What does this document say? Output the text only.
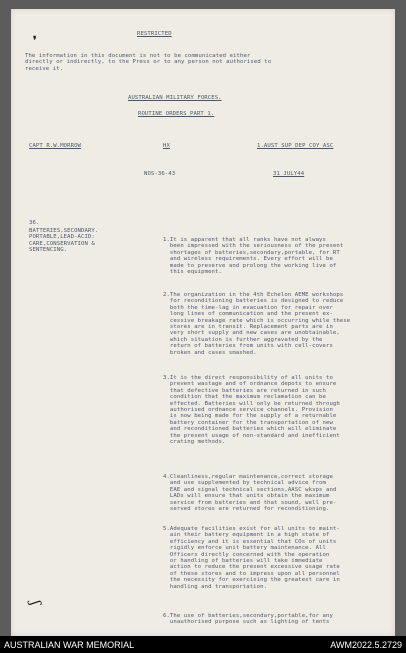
❜
ʃ
RESTRICTED
AUSTRALIAN MILITARY FORCES.
ROUTINE ORDERS PART 1.
CAPT R.W.MORROW	HX	1.AUST SUP DEP COY ASC
NOS-36-43	31 JULY44
36.
The information in this document is not to be communicated either
directly or indirectly, to the Press or to any person not authorised to
receive it.
BATTERIES,SECONDARY.
PORTABLE,LEAD-ACID:
CARE,CONSERVATION &
SENTENCING.
1.It is apparent that all ranks have not always
been impressed with the seriousness of the present
shortages of batteries,secondary,portable, for RT
and wireless requirements. Every effort will be
made to preserve and prolong the working live of
this equipment.
2.The organization in the 4th Echelon AEME workshops
for reconditioning batteries is designed to reduce
both the time-lag in evacuation for repair over
long lines of communication and the present ex-
cessive breakage rate which is occurring while these
stores are in transit. Replacement parts are in
very short supply and new cases are unobtainable,
which situation is further aggravated by the
return of batteries from units with cell-covers
broken and cases smashed.
3.It is the direct responsibility of all units to
prevent wastage and of ordnance depots to ensure
that defective batteries are returned in such
condition that the maximum reclamation can be
effected. Batteries will only be returned through
authorised ordnance service channels. Provision
is now being made for the supply of a returnable
battery container for the transportation of new
and reconditioned batteries which will eliminate
the present usage of non-standard and inefficient
crating methods.
4.Cleanliness,regular maintenance,correct storage
and use supplemented by technical advice from
EAE and signal technical sections,AASC wksps and
LADs will ensure that units obtain the maximum
service from batteries and that sound, well pre-
served stores are returned for reconditioning.
5.Adequate facilities exist for all units to maint-
ain their battery equipment in a high state of
efficiency and it is essential that COs of units
rigidly enforce unit battery maintenance. All
Officers directly concerned with the operation
or handling of batteries will take immediate
action to reduce the present excessive usage rate
of these stores and to impress upon all personnel
the necessity for exercising the greatest care in
handling and transportation.
6.The use of batteries,secondary,portable,for any
unauthorised purpose such as lighting of tents
AUSTRALIAN WAR MEMORIAL	AWM2022.5.2729
